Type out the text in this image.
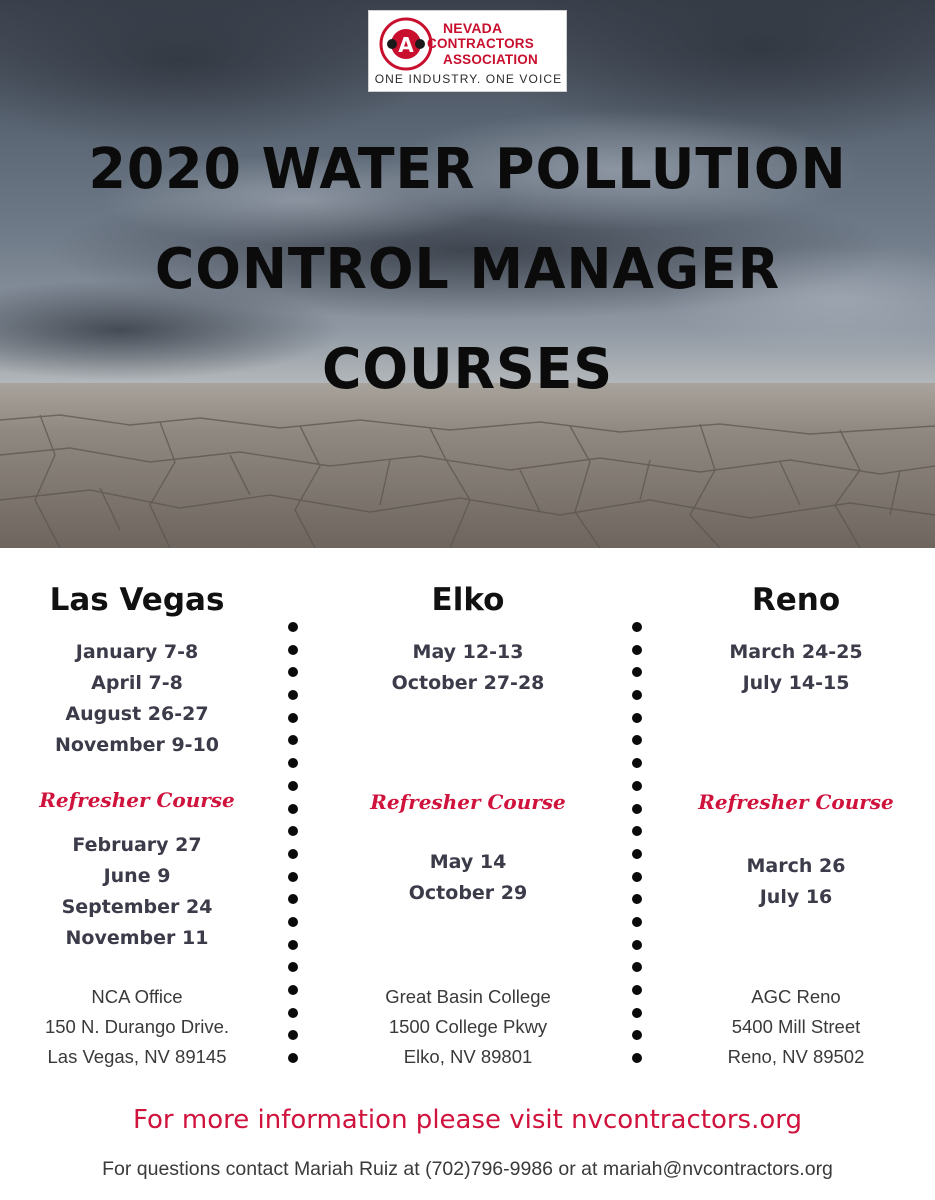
A
NEVADA
CONTRACTORS
ASSOCIATION
ONE INDUSTRY. ONE VOICE
2020 WATER POLLUTION
CONTROL MANAGER
COURSES
Las Vegas
January 7-8
April 7-8
August 26-27
November 9-10
Refresher Course
February 27
June 9
September 24
November 11
NCA Office
150 N. Durango Drive.
Las Vegas, NV 89145
Elko
May 12-13
October 27-28
Refresher Course
May 14
October 29
Great Basin College
1500 College Pkwy
Elko, NV 89801
Reno
March 24-25
July 14-15
Refresher Course
March 26
July 16
AGC Reno
5400 Mill Street
Reno, NV 89502
For more information please visit nvcontractors.org
For questions contact Mariah Ruiz at (702)796-9986 or at mariah@nvcontractors.org
